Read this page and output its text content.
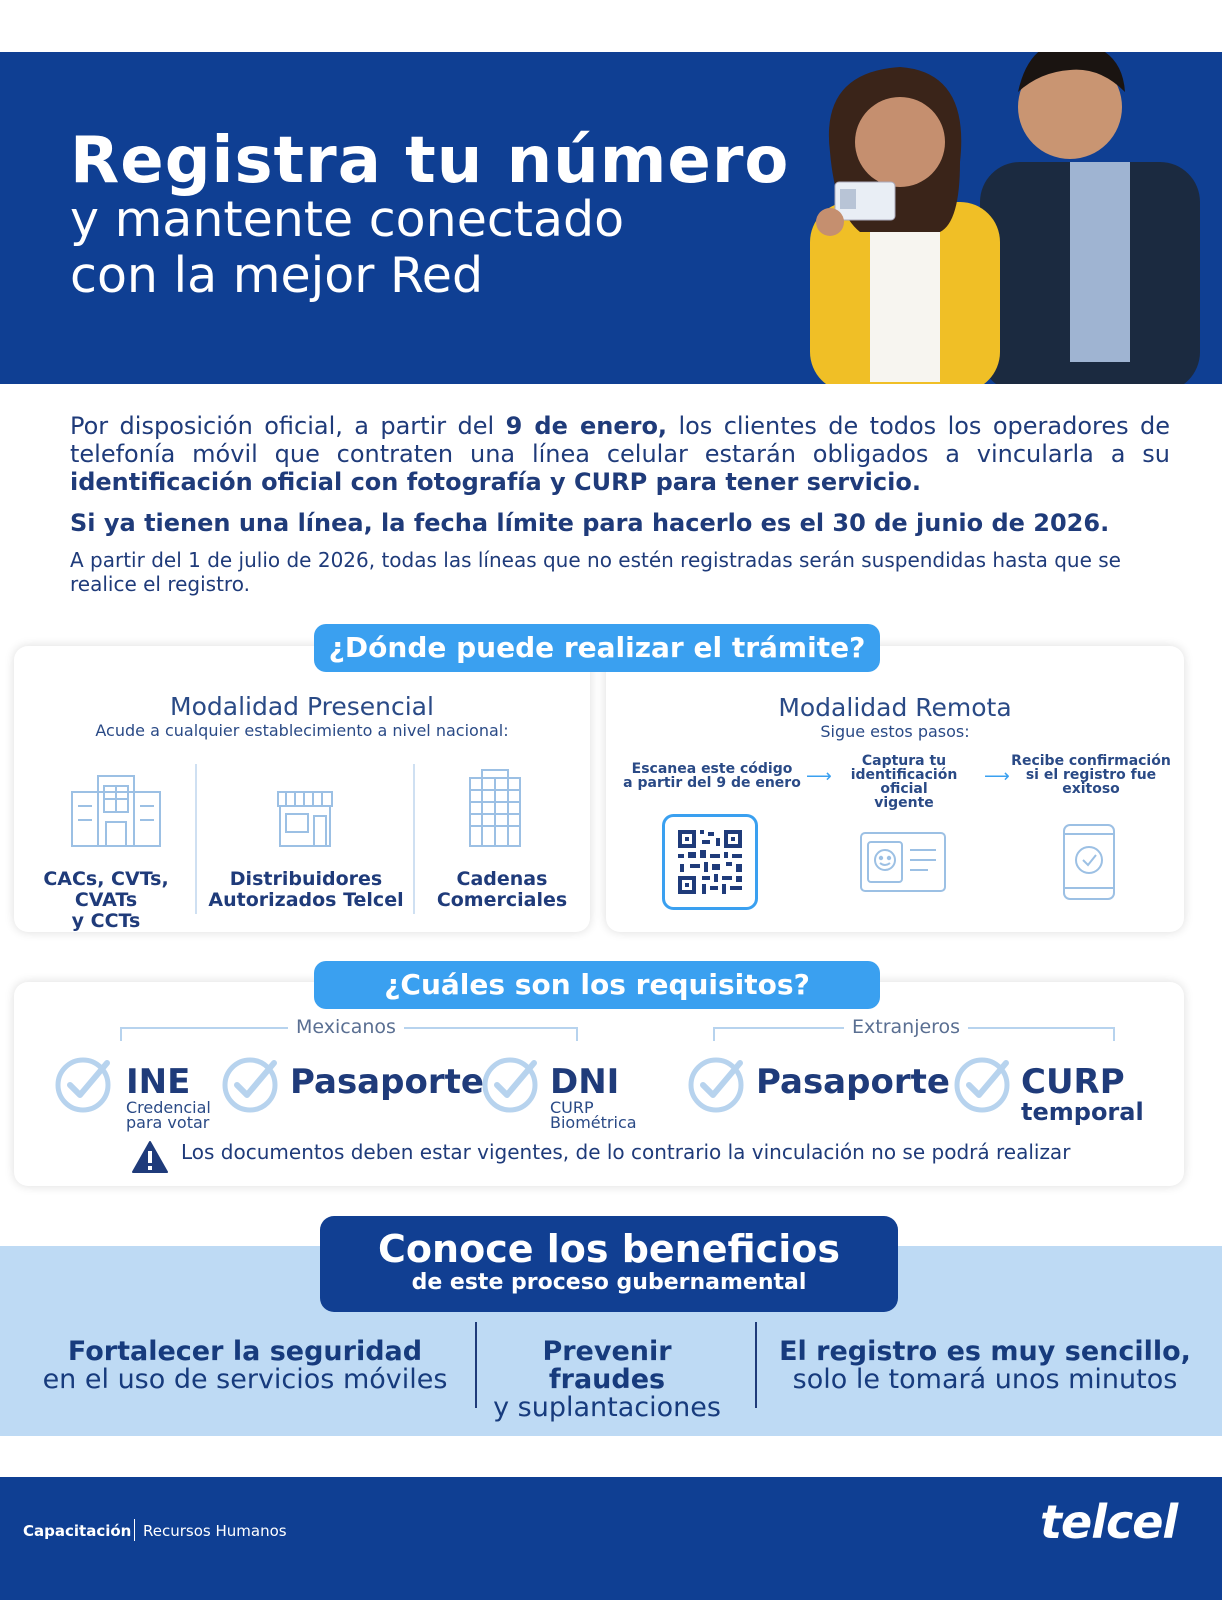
Registra tu número
y mantente conectado
con la mejor Red
Por disposición oficial, a partir del 9 de enero, los clientes de todos los operadores de telefonía móvil que contraten una línea celular estarán obligados a vincularla a su identificación oficial con fotografía y CURP para tener servicio.
Si ya tienen una línea, la fecha límite para hacerlo es el 30 de junio de 2026.
A partir del 1 de julio de 2026, todas las líneas que no estén registradas serán suspendidas hasta que se realice el registro.
¿Dónde puede realizar el trámite?
Modalidad Presencial
Acude a cualquier establecimiento a nivel nacional:
CACs, CVTs, CVATs
y CCTs
Distribuidores
Autorizados Telcel
Cadenas
Comerciales
Modalidad Remota
Sigue estos pasos:
Escanea este código
a partir del 9 de enero ⟶
Captura tu
identificación oficial
vigente
⟶
Recibe confirmación
si el registro fue
exitoso
¿Cuáles son los requisitos?
Mexicanos	Extranjeros
INE
Credencial
para votar
Pasaporte DNI
CURP
Biométrica
Pasaporte CURP
temporal
Los documentos deben estar vigentes, de lo contrario la vinculación no se podrá realizar
Conoce los beneficios
de este proceso gubernamental
Fortalecer la seguridad
en el uso de servicios móviles
Prevenir fraudes
y suplantaciones
El registro es muy sencillo,
solo le tomará unos minutos
Capacitación Recursos Humanos	telcel
